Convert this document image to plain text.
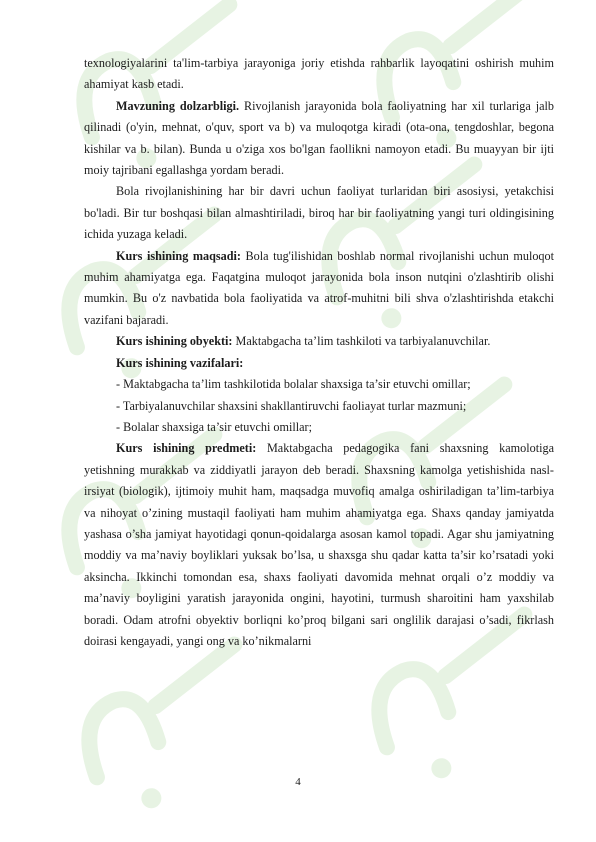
texnologiyalarini ta'lim-tarbiya jarayoniga joriy etishda rahbarlik layoqatini oshirish muhim ahamiyat kasb etadi.

Mavzuning dolzarbligi. Rivojlanish jarayonida bola faoliyatning har xil turlariga jalb qilinadi (o'yin, mehnat, o'quv, sport va b) va muloqotga kiradi (ota-ona, tengdoshlar, begona kishilar va b. bilan). Bunda u o'ziga xos bo'lgan faollikni namoyon etadi. Bu muayyan bir ijti moiy tajribani egallashga yordam beradi.

Bola rivojlanishining har bir davri uchun faoliyat turlaridan biri asosiysi, yetakchisi bo'ladi. Bir tur boshqasi bilan almashtiriladi, biroq har bir faoliyatning yangi turi oldingisining ichida yuzaga keladi.

Kurs ishining maqsadi: Bola tug'ilishidan boshlab normal rivojlanishi uchun muloqot muhim ahamiyatga ega. Faqatgina muloqot jarayonida bola inson nutqini o'zlashtirib olishi mumkin. Bu o'z navbatida bola faoliyatida va atrof-muhitni bili shva o'zlashtirishda etakchi vazifani bajaradi.

Kurs ishining obyekti: Maktabgacha ta’lim tashkiloti va tarbiyalanuvchilar.

Kurs ishining vazifalari:

- Maktabgacha ta’lim tashkilotida bolalar shaxsiga ta’sir etuvchi omillar;

- Tarbiyalanuvchilar shaxsini shakllantiruvchi faoliayat turlar mazmuni;

- Bolalar shaxsiga ta’sir etuvchi omillar;

Kurs ishining predmeti: Maktabgacha pedagogika fani shaxsning kamolotiga yetishning murakkab va ziddiyatli jarayon deb beradi. Shaxsning kamolga yetishishida nasl-irsiyat (biologik), ijtimoiy muhit ham, maqsadga muvofiq amalga oshiriladigan ta’lim-tarbiya va nihoyat o’zining mustaqil faoliyati ham muhim ahamiyatga ega. Shaxs qanday jamiyatda yashasa o’sha jamiyat hayotidagi qonun-qoidalarga asosan kamol topadi. Agar shu jamiyatning moddiy va ma’naviy boyliklari yuksak bo’lsa, u shaxsga shu qadar katta ta’sir ko’rsatadi yoki aksincha. Ikkinchi tomondan esa, shaxs faoliyati davomida mehnat orqali o’z moddiy va ma’naviy boyligini yaratish jarayonida ongini, hayotini, turmush sharoitini ham yaxshilab boradi. Odam atrofni obyektiv borliqni ko’proq bilgani sari onglilik darajasi o’sadi, fikrlash doirasi kengayadi, yangi ong va ko’nikmalarni

4
